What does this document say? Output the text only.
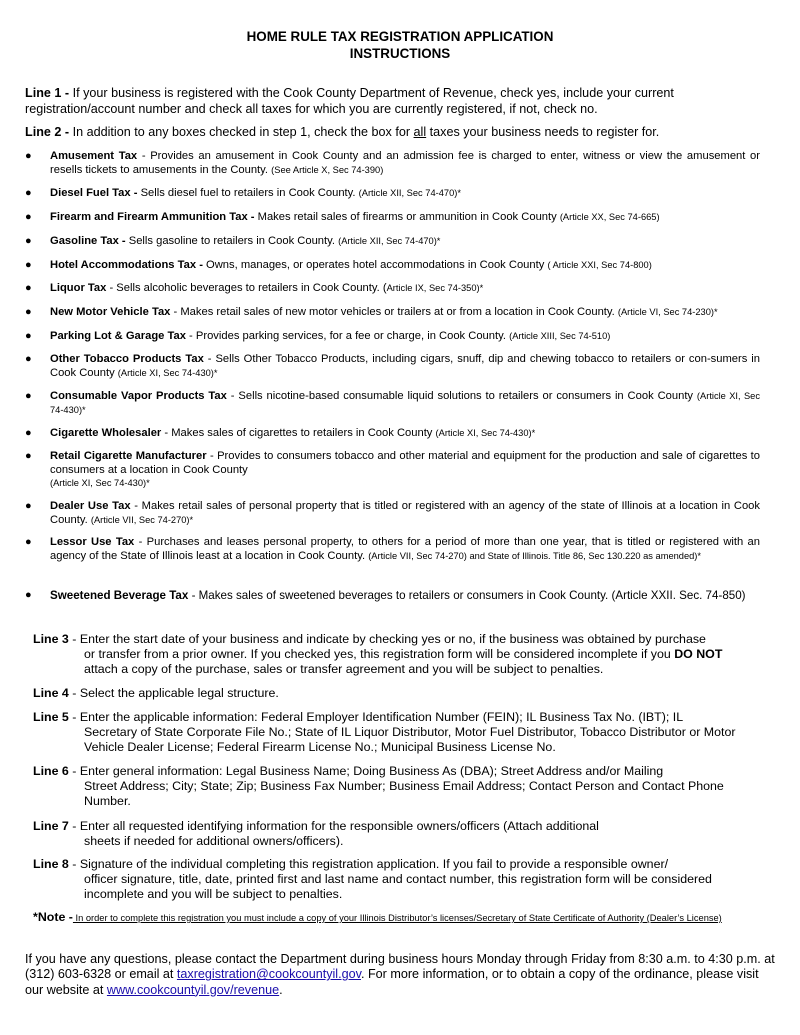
HOME RULE TAX REGISTRATION APPLICATION
INSTRUCTIONS
Line 1 - If your business is registered with the Cook County Department of Revenue, check yes, include your current registration/account number and check all taxes for which you are currently registered, if not, check no.
Line 2 - In addition to any boxes checked in step 1, check the box for all taxes your business needs to register for.
● Amusement Tax - Provides an amusement in Cook County and an admission fee is charged to enter, witness or view the amusement or resells tickets to amusements in the County. (See Article X, Sec 74-390)
● Diesel Fuel Tax - Sells diesel fuel to retailers in Cook County. (Article XII, Sec 74-470)*
● Firearm and Firearm Ammunition Tax - Makes retail sales of firearms or ammunition in Cook County (Article XX, Sec 74-665)
● Gasoline Tax - Sells gasoline to retailers in Cook County. (Article XII, Sec 74-470)*
● Hotel Accommodations Tax - Owns, manages, or operates hotel accommodations in Cook County ( Article XXI, Sec 74-800)
● Liquor Tax - Sells alcoholic beverages to retailers in Cook County. (Article IX, Sec 74-350)*
● New Motor Vehicle Tax - Makes retail sales of new motor vehicles or trailers at or from a location in Cook County. (Article VI, Sec 74-230)*
● Parking Lot & Garage Tax - Provides parking services, for a fee or charge, in Cook County. (Article XIII, Sec 74-510)
● Other Tobacco Products Tax - Sells Other Tobacco Products, including cigars, snuff, dip and chewing tobacco to retailers or con-sumers in Cook County (Article XI, Sec 74-430)*
● Consumable Vapor Products Tax - Sells nicotine-based consumable liquid solutions to retailers or consumers in Cook County (Article XI, Sec 74-430)*
● Cigarette Wholesaler - Makes sales of cigarettes to retailers in Cook County (Article XI, Sec 74-430)*
● Retail Cigarette Manufacturer - Provides to consumers tobacco and other material and equipment for the production and sale of cigarettes to consumers at a location in Cook County
(Article XI, Sec 74-430)*
● Dealer Use Tax - Makes retail sales of personal property that is titled or registered with an agency of the state of Illinois at a location in Cook County. (Article VII, Sec 74-270)*
● Lessor Use Tax - Purchases and leases personal property, to others for a period of more than one year, that is titled or registered with an agency of the State of Illinois least at a location in Cook County. (Article VII, Sec 74-270) and State of Illinois. Title 86, Sec 130.220 as amended)*
● Sweetened Beverage Tax - Makes sales of sweetened beverages to retailers or consumers in Cook County. (Article XXII. Sec. 74-850)
Line 3 - Enter the start date of your business and indicate by checking yes or no, if the business was obtained by purchase
or transfer from a prior owner. If you checked yes, this registration form will be considered incomplete if you DO NOT attach a copy of the purchase, sales or transfer agreement and you will be subject to penalties.
Line 4 - Select the applicable legal structure.
Line 5 - Enter the applicable information: Federal Employer Identification Number (FEIN); IL Business Tax No. (IBT); IL
Secretary of State Corporate File No.; State of IL Liquor Distributor, Motor Fuel Distributor, Tobacco Distributor or Motor Vehicle Dealer License; Federal Firearm License No.; Municipal Business License No.
Line 6 - Enter general information: Legal Business Name; Doing Business As (DBA); Street Address and/or Mailing
Street Address; City; State; Zip; Business Fax Number; Business Email Address; Contact Person and Contact Phone Number.
Line 7 - Enter all requested identifying information for the responsible owners/officers (Attach additional
sheets if needed for additional owners/officers).
Line 8 - Signature of the individual completing this registration application. If you fail to provide a responsible owner/
officer signature, title, date, printed first and last name and contact number, this registration form will be considered incomplete and you will be subject to penalties.
*Note - In order to complete this registration you must include a copy of your Illinois Distributor’s licenses/Secretary of State Certificate of Authority (Dealer’s License)
If you have any questions, please contact the Department during business hours Monday through Friday from 8:30 a.m. to 4:30 p.m. at (312) 603-6328 or email at taxregistration@cookcountyil.gov. For more information, or to obtain a copy of the ordinance, please visit our website at www.cookcountyil.gov/revenue.
